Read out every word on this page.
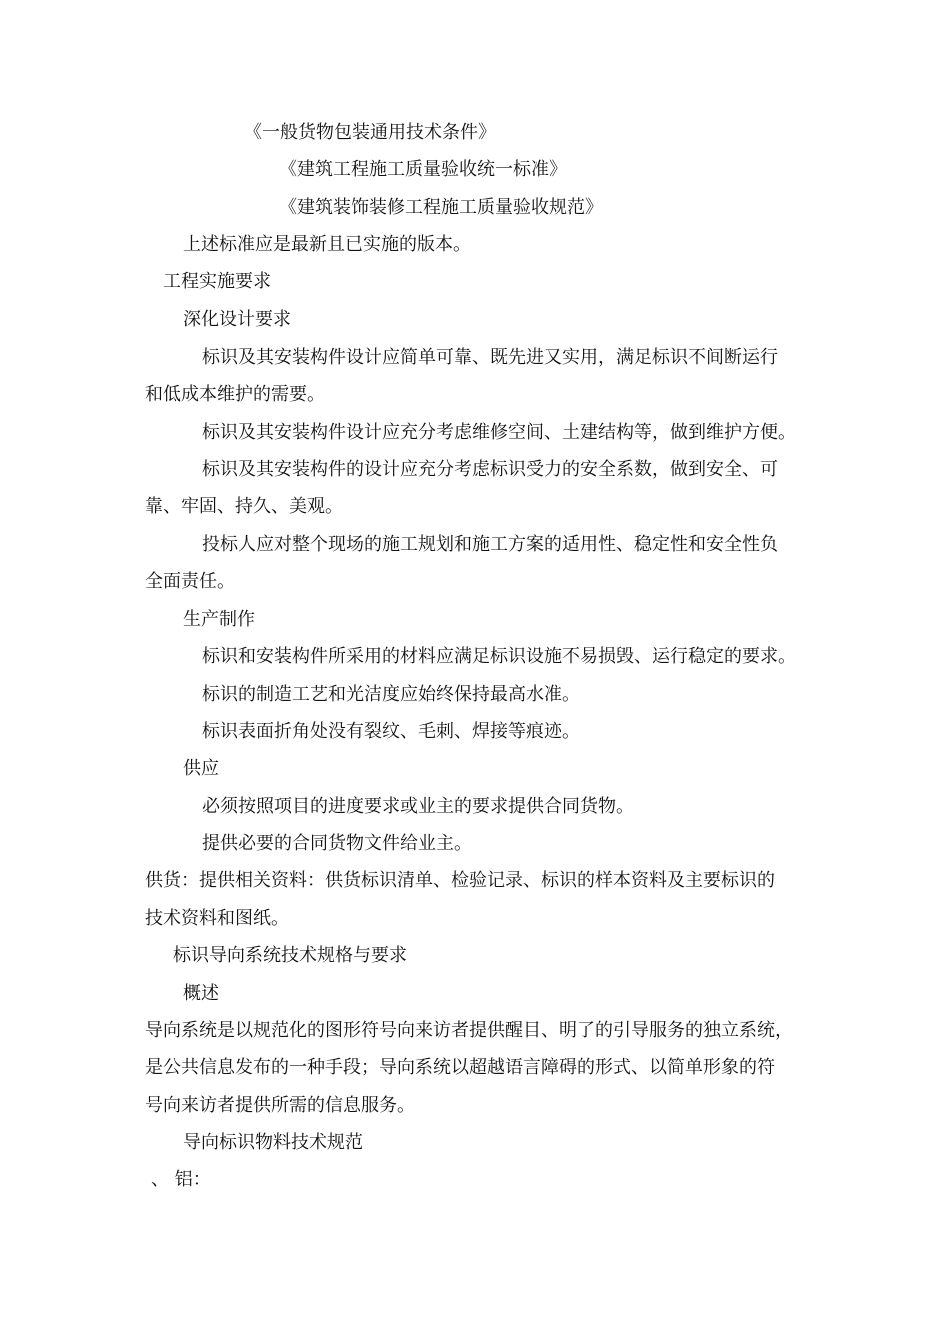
《一般货物包装通用技术条件》
《建筑工程施工质量验收统一标准》
《建筑装饰装修工程施工质量验收规范》
上述标准应是最新且已实施的版本。
工程实施要求
深化设计要求
标识及其安装构件设计应简单可靠、既先进又实用，满足标识不间断运行
和低成本维护的需要。
标识及其安装构件设计应充分考虑维修空间、土建结构等，做到维护方便。
标识及其安装构件的设计应充分考虑标识受力的安全系数，做到安全、可
靠、牢固、持久、美观。
投标人应对整个现场的施工规划和施工方案的适用性、稳定性和安全性负
全面责任。
生产制作
标识和安装构件所采用的材料应满足标识设施不易损毁、运行稳定的要求。
标识的制造工艺和光洁度应始终保持最高水准。
标识表面折角处没有裂纹、毛刺、焊接等痕迹。
供应
必须按照项目的进度要求或业主的要求提供合同货物。
提供必要的合同货物文件给业主。
供货：提供相关资料：供货标识清单、检验记录、标识的样本资料及主要标识的
技术资料和图纸。
标识导向系统技术规格与要求
概述
导向系统是以规范化的图形符号向来访者提供醒目、明了的引导服务的独立系统，
是公共信息发布的一种手段；导向系统以超越语言障碍的形式、以简单形象的符
号向来访者提供所需的信息服务。
导向标识物料技术规范
、 铝：
